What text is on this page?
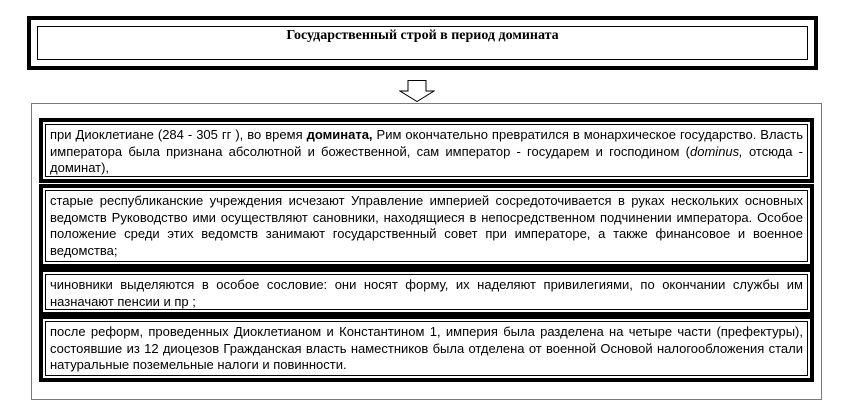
Государственный строй в период домината
при Диоклетиане (284 - 305 гг ), во время домината, Рим окончательно превратился в монархическое государство. Власть императора была признана абсолютной и божественной, сам император - государем и господином (dominus, отсюда - доминат),
старые республиканские учреждения исчезают Управление империей сосредоточивается в руках нескольких основных ведомств Руководство ими осуществляют сановники, находящиеся в непосредственном подчинении императора. Особое положение среди этих ведомств занимают государственный совет при императоре, а также финансовое и военное ведомства;
чиновники выделяются в особое сословие: они носят форму, их наделяют привилегиями, по окончании службы им назначают пенсии и пр ;
после реформ, проведенных Диоклетианом и Константином 1, империя была разделена на четыре части (префектуры), состоявшие из 12 диоцезов Гражданская власть наместников была отделена от военной Основой налогообложения стали натуральные поземельные налоги и повинности.
